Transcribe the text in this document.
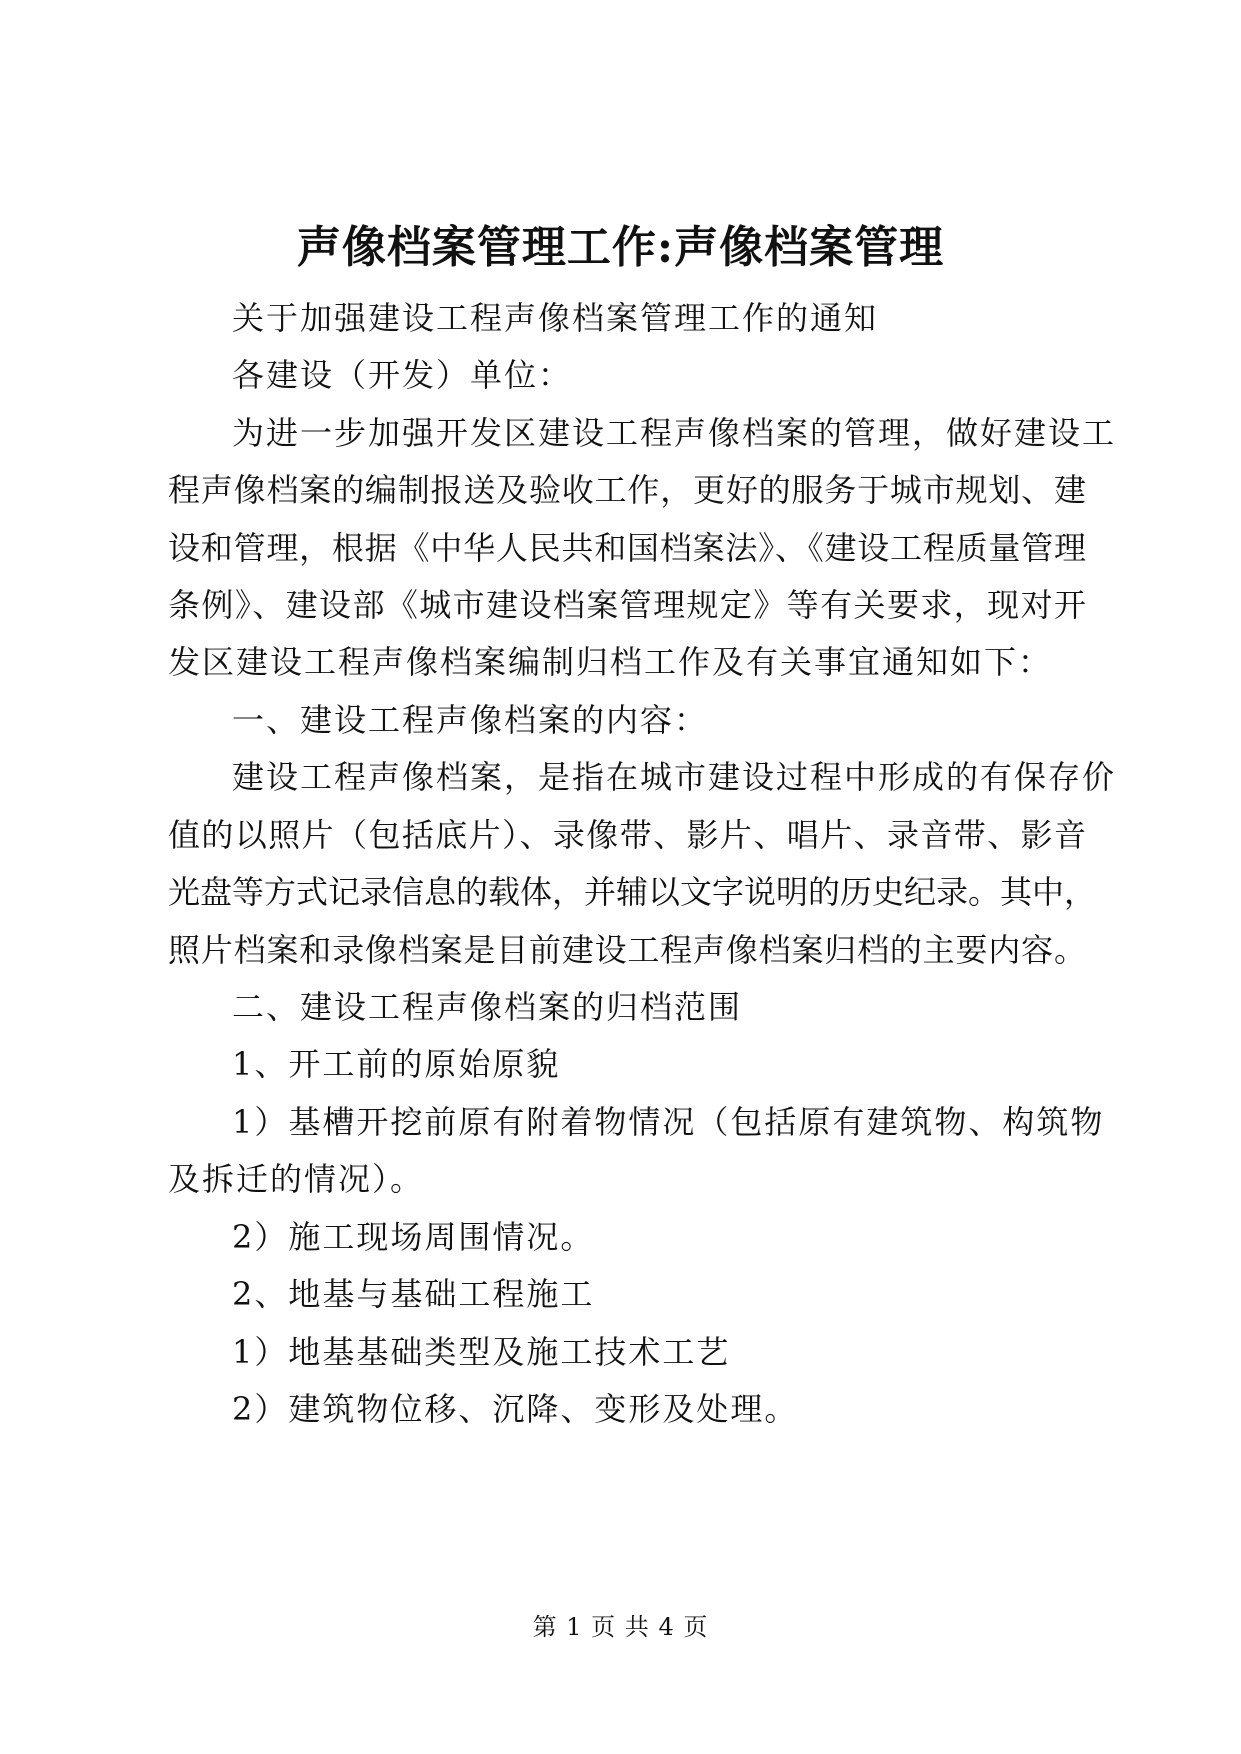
声像档案管理工作:声像档案管理
关于加强建设工程声像档案管理工作的通知
各建设（开发）单位：
为进一步加强开发区建设工程声像档案的管理，做好建设工
程声像档案的编制报送及验收工作，更好的服务于城市规划、建
设和管理，根据《中华人民共和国档案法》、《建设工程质量管理
条例》、建设部《城市建设档案管理规定》等有关要求，现对开
发区建设工程声像档案编制归档工作及有关事宜通知如下：
一、建设工程声像档案的内容：
建设工程声像档案，是指在城市建设过程中形成的有保存价
值的以照片（包括底片）、录像带、影片、唱片、录音带、影音
光盘等方式记录信息的载体，并辅以文字说明的历史纪录。其中，
照片档案和录像档案是目前建设工程声像档案归档的主要内容。
二、建设工程声像档案的归档范围
1、开工前的原始原貌
1）基槽开挖前原有附着物情况（包括原有建筑物、构筑物
及拆迁的情况）。
2）施工现场周围情况。
2、地基与基础工程施工
1）地基基础类型及施工技术工艺
2）建筑物位移、沉降、变形及处理。
第 1 页 共 4 页
